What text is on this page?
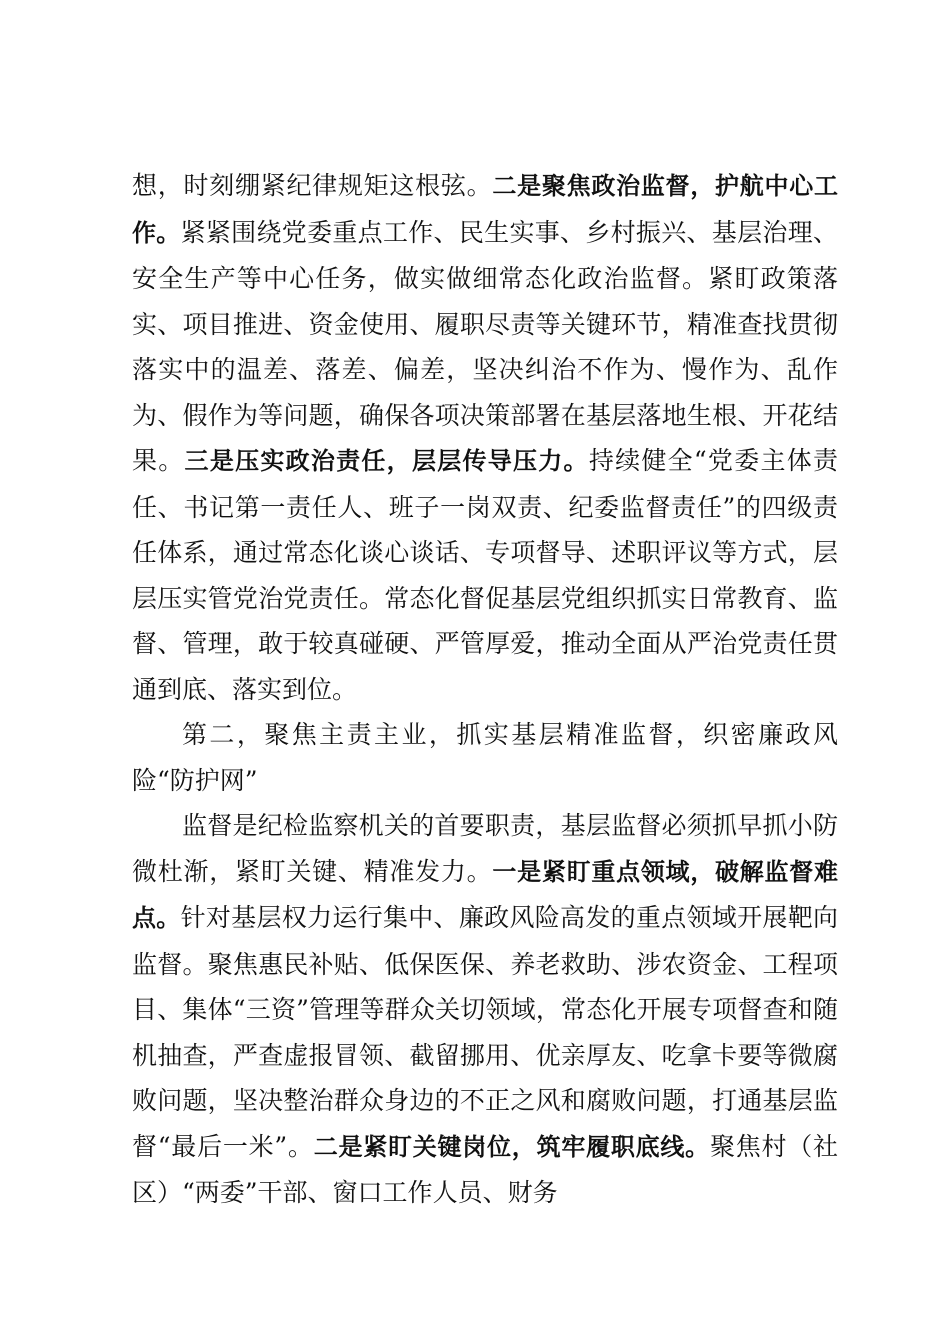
想，时刻绷紧纪律规矩这根弦。二是聚焦政治监督，护航中心工作。紧紧围绕党委重点工作、民生实事、乡村振兴、基层治理、安全生产等中心任务，做实做细常态化政治监督。紧盯政策落实、项目推进、资金使用、履职尽责等关键环节，精准查找贯彻落实中的温差、落差、偏差，坚决纠治不作为、慢作为、乱作为、假作为等问题，确保各项决策部署在基层落地生根、开花结果。三是压实政治责任，层层传导压力。持续健全“党委主体责任、书记第一责任人、班子一岗双责、纪委监督责任”的四级责任体系，通过常态化谈心谈话、专项督导、述职评议等方式，层层压实管党治党责任。常态化督促基层党组织抓实日常教育、监督、管理，敢于较真碰硬、严管厚爱，推动全面从严治党责任贯通到底、落实到位。

第二，聚焦主责主业，抓实基层精准监督，织密廉政风险“防护网”

监督是纪检监察机关的首要职责，基层监督必须抓早抓小防微杜渐，紧盯关键、精准发力。一是紧盯重点领域，破解监督难点。针对基层权力运行集中、廉政风险高发的重点领域开展靶向监督。聚焦惠民补贴、低保医保、养老救助、涉农资金、工程项目、集体“三资”管理等群众关切领域，常态化开展专项督查和随机抽查，严查虚报冒领、截留挪用、优亲厚友、吃拿卡要等微腐败问题，坚决整治群众身边的不正之风和腐败问题，打通基层监督“最后一米”。二是紧盯关键岗位，筑牢履职底线。聚焦村（社区）“两委”干部、窗口工作人员、财务
